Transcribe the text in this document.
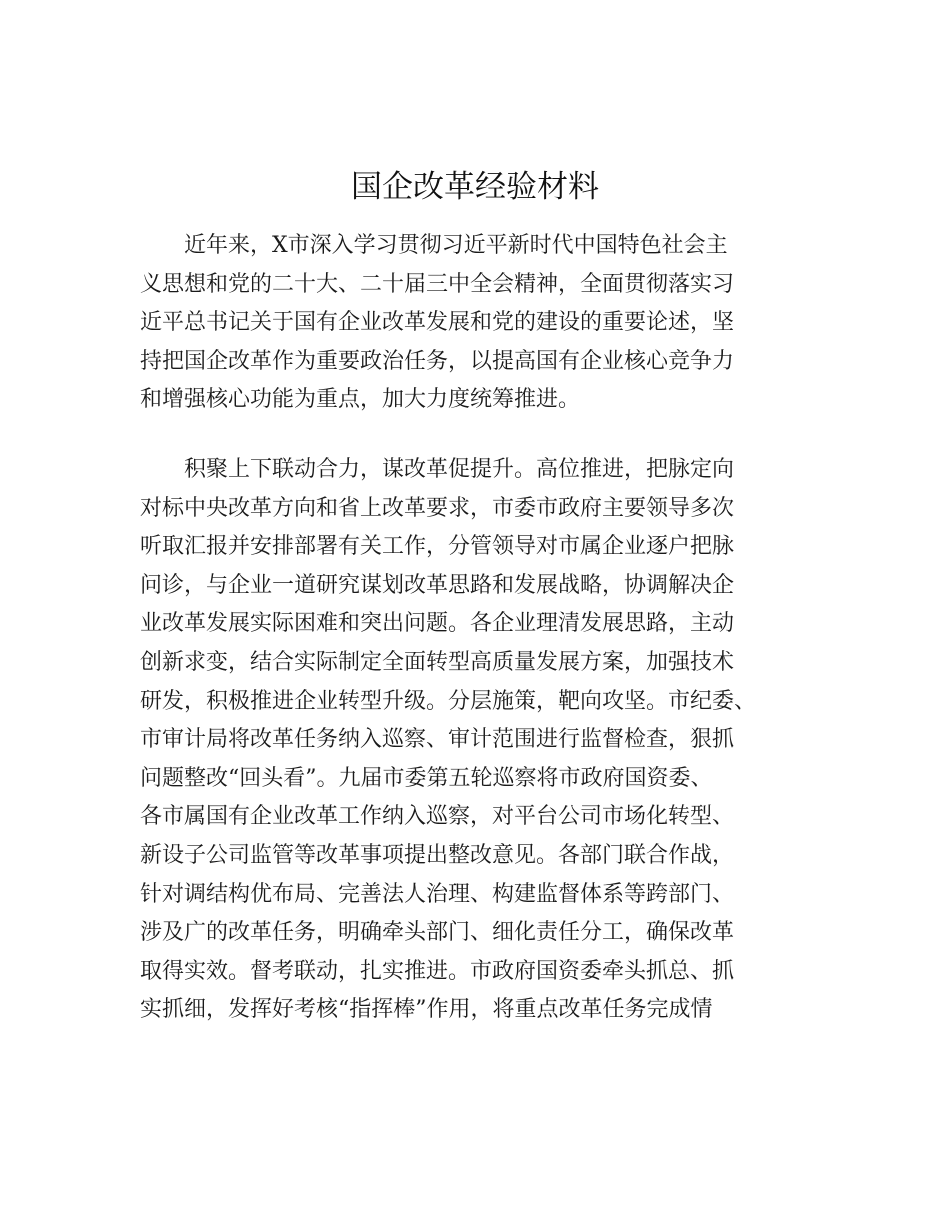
国企改革经验材料
近年来，X市深入学习贯彻习近平新时代中国特色社会主
义思想和党的二十大、二十届三中全会精神，全面贯彻落实习
近平总书记关于国有企业改革发展和党的建设的重要论述，坚
持把国企改革作为重要政治任务，以提高国有企业核心竞争力
和增强核心功能为重点，加大力度统筹推进。
积聚上下联动合力，谋改革促提升。高位推进，把脉定向
对标中央改革方向和省上改革要求，市委市政府主要领导多次
听取汇报并安排部署有关工作，分管领导对市属企业逐户把脉
问诊，与企业一道研究谋划改革思路和发展战略，协调解决企
业改革发展实际困难和突出问题。各企业理清发展思路，主动
创新求变，结合实际制定全面转型高质量发展方案，加强技术
研发，积极推进企业转型升级。分层施策，靶向攻坚。市纪委、
市审计局将改革任务纳入巡察、审计范围进行监督检查，狠抓
问题整改“回头看”。九届市委第五轮巡察将市政府国资委、
各市属国有企业改革工作纳入巡察，对平台公司市场化转型、
新设子公司监管等改革事项提出整改意见。各部门联合作战，
针对调结构优布局、完善法人治理、构建监督体系等跨部门、
涉及广的改革任务，明确牵头部门、细化责任分工，确保改革
取得实效。督考联动，扎实推进。市政府国资委牵头抓总、抓
实抓细，发挥好考核“指挥棒”作用，将重点改革任务完成情
